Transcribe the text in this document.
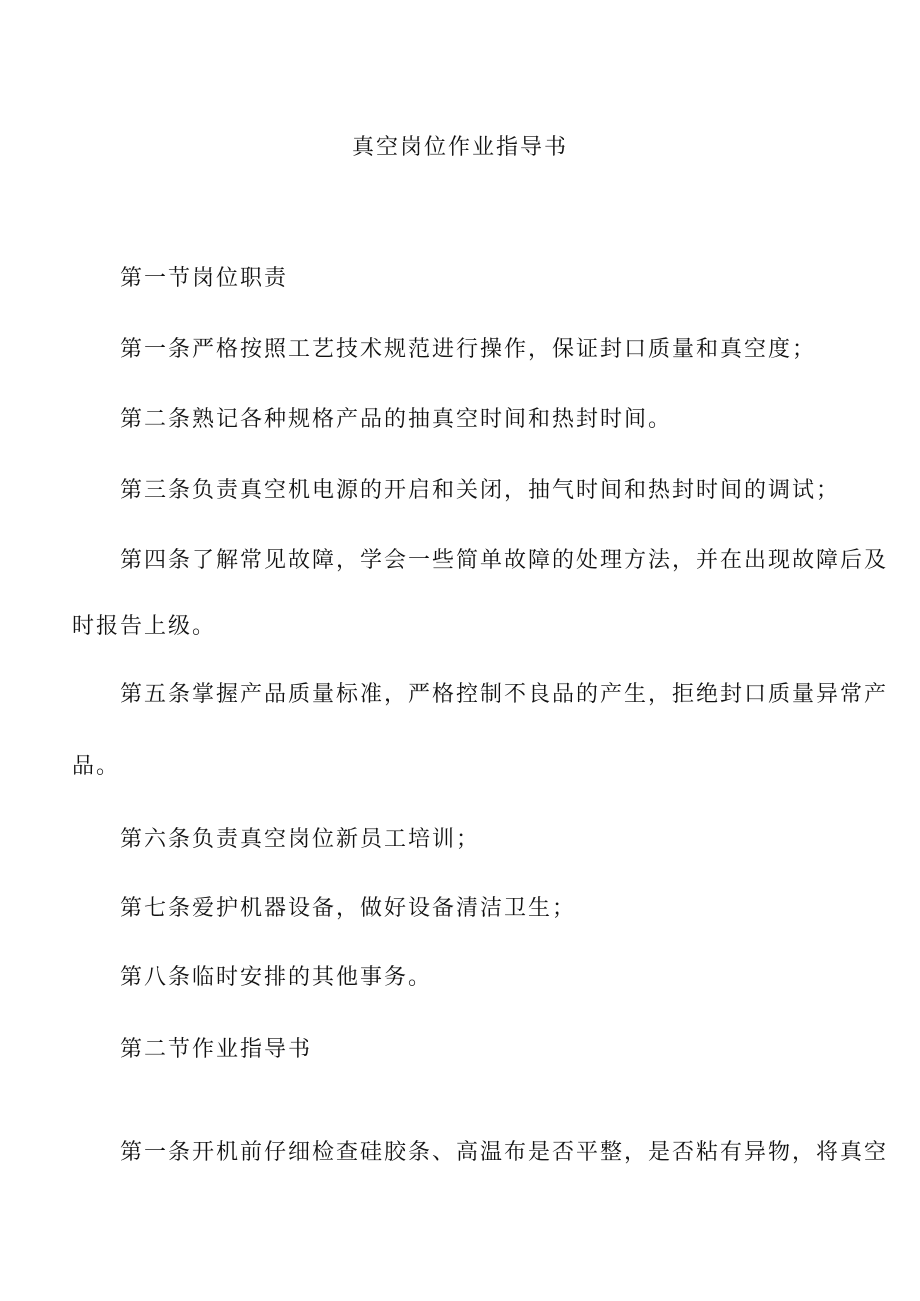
真空岗位作业指导书
第一节岗位职责
第一条严格按照工艺技术规范进行操作，保证封口质量和真空度；
第二条熟记各种规格产品的抽真空时间和热封时间。
第三条负责真空机电源的开启和关闭，抽气时间和热封时间的调试；
第四条了解常见故障，学会一些简单故障的处理方法，并在出现故障后及
时报告上级。
第五条掌握产品质量标准，严格控制不良品的产生，拒绝封口质量异常产
品。
第六条负责真空岗位新员工培训；
第七条爱护机器设备，做好设备清洁卫生；
第八条临时安排的其他事务。
第二节作业指导书
第一条开机前仔细检查硅胶条、高温布是否平整，是否粘有异物，将真空
